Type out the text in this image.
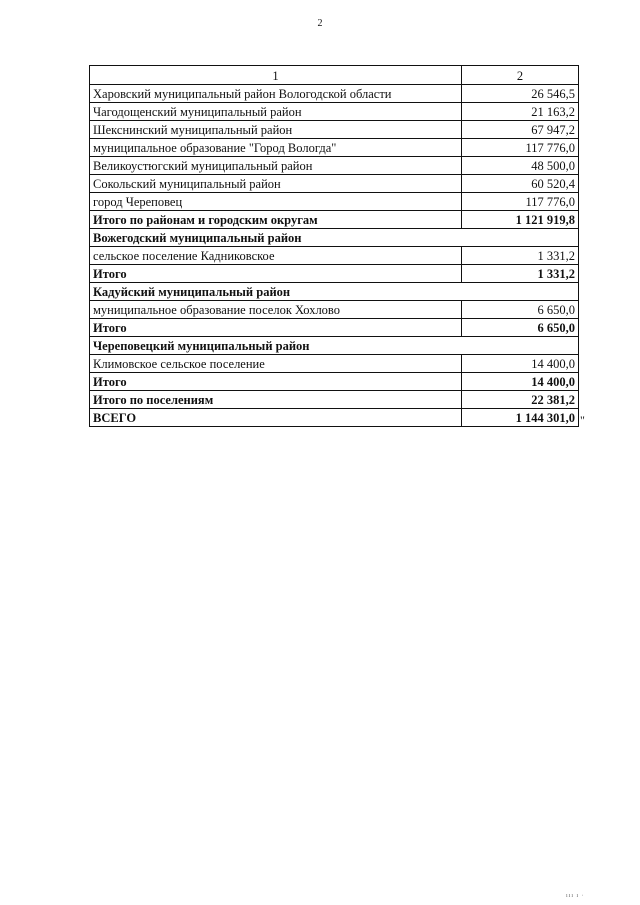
2
1	2
Харовский муниципальный район Вологодской области	26 546,5
Чагодощенский муниципальный район	21 163,2
Шекснинский муниципальный район	67 947,2
муниципальное образование "Город Вологда"	117 776,0
Великоустюгский муниципальный район	48 500,0
Сокольский муниципальный район	60 520,4
город Череповец	117 776,0
Итого по районам и городским округам	1 121 919,8
Вожегодский муниципальный район	
сельское поселение Кадниковское	1 331,2
Итого	1 331,2
Кадуйский муниципальный район	
муниципальное образование поселок Хохлово	6 650,0
Итого	6 650,0
Череповецкий муниципальный район	
Климовское сельское поселение	14 400,0
Итого	14 400,0
Итого по поселениям	22 381,2
ВСЕГО	1 144 301,0 "
ııı ı ·
